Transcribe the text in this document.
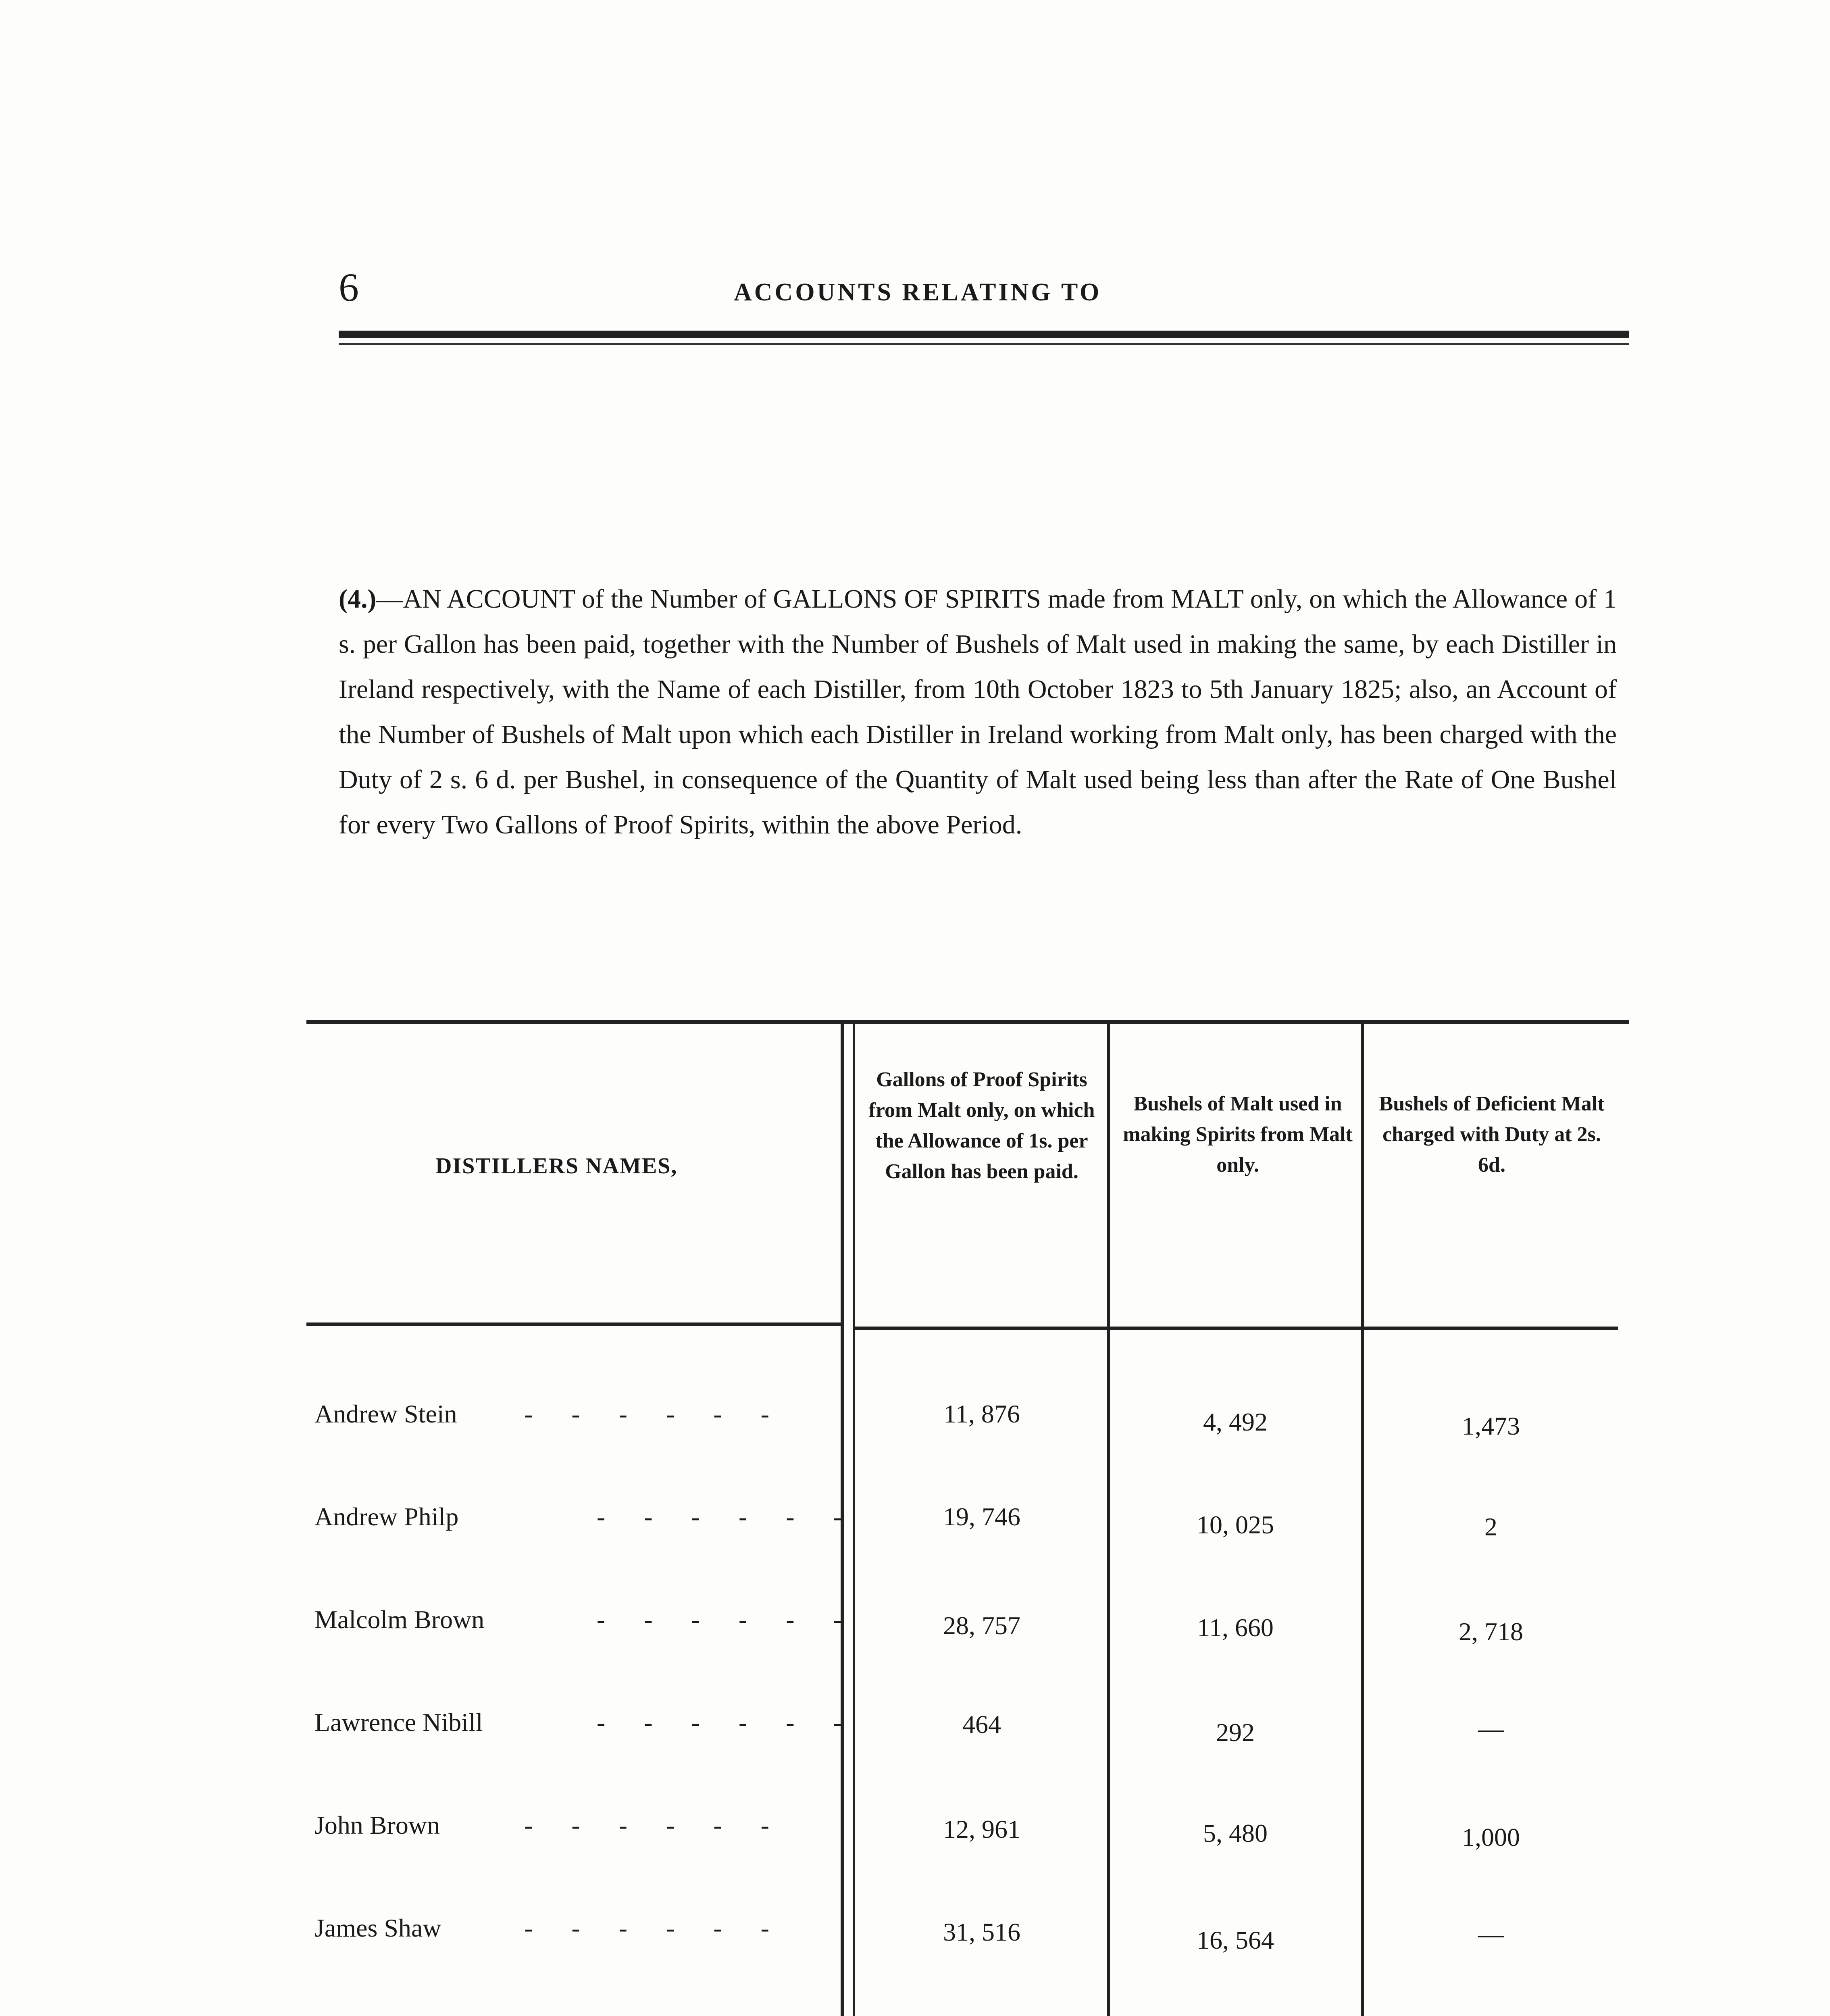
6	ACCOUNTS RELATING TO
(4.)—AN ACCOUNT of the Number of GALLONS OF SPIRITS made from MALT only, on which the Allowance of 1 s. per Gallon has been paid, together with the Number of Bushels of Malt used in making the same, by each Distiller in Ireland respectively, with the Name of each Distiller, from 10th October 1823 to 5th January 1825; also, an Account of the Number of Bushels of Malt upon which each Distiller in Ireland working from Malt only, has been charged with the Duty of 2 s. 6 d. per Bushel, in consequence of the Quantity of Malt used being less than after the Rate of One Bushel for every Two Gallons of Proof Spirits, within the above Period.
DISTILLERS NAMES,
Gallons of Proof Spirits from Malt only, on which the Allowance of 1s. per Gallon has been paid.
Bushels of Malt used in making Spirits from Malt only.
Bushels of Deficient Malt charged with Duty at 2s. 6d.
Andrew Stein	- - - - - -	11, 876	4, 492	1,473
Andrew Philp	- - - - - -	19, 746	10, 025	2
Malcolm Brown	- - - - - -	28, 757	11, 660	2, 718
Lawrence Nibill	- - - - - -	464	292	—
John Brown	- - - - - -	12, 961	5, 480	1,000
James Shaw	- - - - - -	31, 516	16, 564	—
